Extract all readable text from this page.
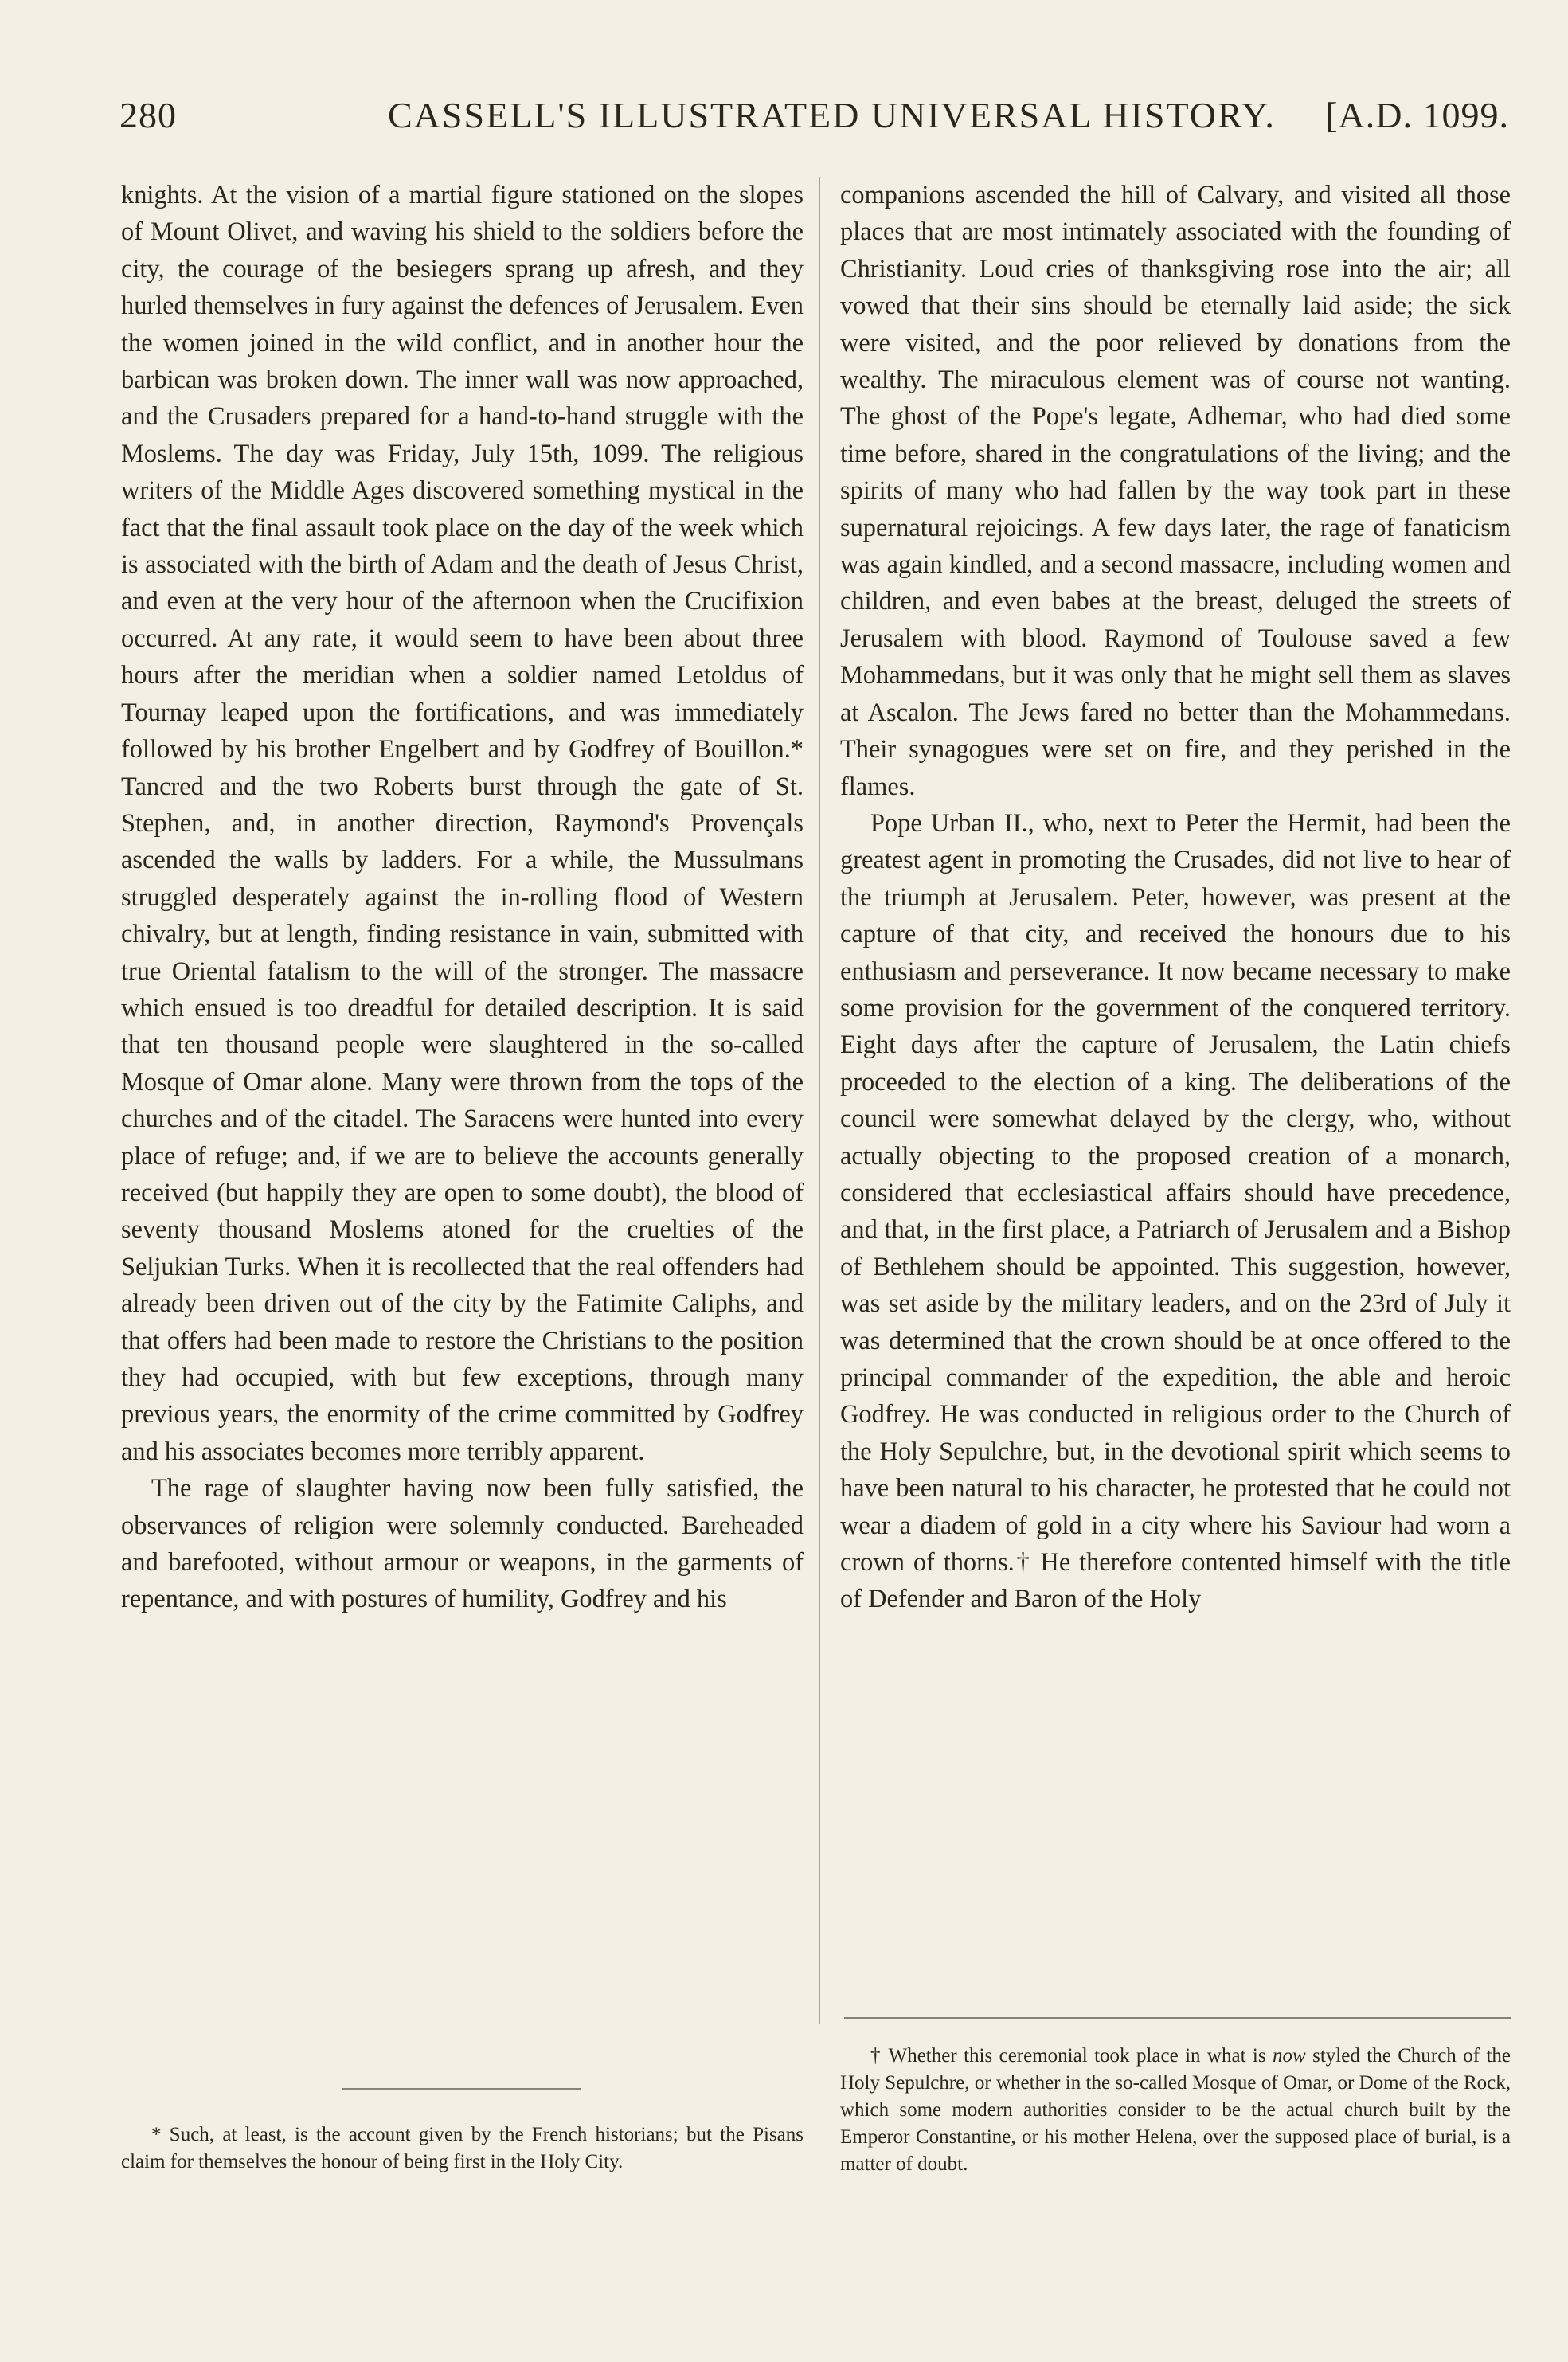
280	CASSELL'S ILLUSTRATED UNIVERSAL HISTORY. [A.D. 1099.

knights. At the vision of a martial figure stationed on the slopes of Mount Olivet, and waving his shield to the soldiers before the city, the courage of the besiegers sprang up afresh, and they hurled themselves in fury against the defences of Jerusalem. Even the women joined in the wild conflict, and in another hour the barbican was broken down. The inner wall was now approached, and the Crusaders prepared for a hand-to-hand struggle with the Moslems. The day was Friday, July 15th, 1099. The religious writers of the Middle Ages discovered something mystical in the fact that the final assault took place on the day of the week which is associated with the birth of Adam and the death of Jesus Christ, and even at the very hour of the afternoon when the Crucifixion occurred. At any rate, it would seem to have been about three hours after the meridian when a soldier named Letoldus of Tournay leaped upon the fortifications, and was immediately followed by his brother Engelbert and by Godfrey of Bouillon.* Tancred and the two Roberts burst through the gate of St. Stephen, and, in another direction, Raymond's Provençals ascended the walls by ladders. For a while, the Mussulmans struggled desperately against the in-rolling flood of Western chivalry, but at length, finding resistance in vain, submitted with true Oriental fatalism to the will of the stronger. The massacre which ensued is too dreadful for detailed description. It is said that ten thousand people were slaughtered in the so-called Mosque of Omar alone. Many were thrown from the tops of the churches and of the citadel. The Saracens were hunted into every place of refuge; and, if we are to believe the accounts generally received (but happily they are open to some doubt), the blood of seventy thousand Moslems atoned for the cruelties of the Seljukian Turks. When it is recollected that the real offenders had already been driven out of the city by the Fatimite Caliphs, and that offers had been made to restore the Christians to the position they had occupied, with but few exceptions, through many previous years, the enormity of the crime committed by Godfrey and his associates becomes more terribly apparent.

The rage of slaughter having now been fully satisfied, the observances of religion were solemnly conducted. Bareheaded and barefooted, without armour or weapons, in the garments of repentance, and with postures of humility, Godfrey and his

companions ascended the hill of Calvary, and visited all those places that are most intimately associated with the founding of Christianity. Loud cries of thanksgiving rose into the air; all vowed that their sins should be eternally laid aside; the sick were visited, and the poor relieved by donations from the wealthy. The miraculous element was of course not wanting. The ghost of the Pope's legate, Adhemar, who had died some time before, shared in the congratulations of the living; and the spirits of many who had fallen by the way took part in these supernatural rejoicings. A few days later, the rage of fanaticism was again kindled, and a second massacre, including women and children, and even babes at the breast, deluged the streets of Jerusalem with blood. Raymond of Toulouse saved a few Mohammedans, but it was only that he might sell them as slaves at Ascalon. The Jews fared no better than the Mohammedans. Their synagogues were set on fire, and they perished in the flames.

Pope Urban II., who, next to Peter the Hermit, had been the greatest agent in promoting the Crusades, did not live to hear of the triumph at Jerusalem. Peter, however, was present at the capture of that city, and received the honours due to his enthusiasm and perseverance. It now became necessary to make some provision for the government of the conquered territory. Eight days after the capture of Jerusalem, the Latin chiefs proceeded to the election of a king. The deliberations of the council were somewhat delayed by the clergy, who, without actually objecting to the proposed creation of a monarch, considered that ecclesiastical affairs should have precedence, and that, in the first place, a Patriarch of Jerusalem and a Bishop of Bethlehem should be appointed. This suggestion, however, was set aside by the military leaders, and on the 23rd of July it was determined that the crown should be at once offered to the principal commander of the expedition, the able and heroic Godfrey. He was conducted in religious order to the Church of the Holy Sepulchre, but, in the devotional spirit which seems to have been natural to his character, he protested that he could not wear a diadem of gold in a city where his Saviour had worn a crown of thorns.† He therefore contented himself with the title of Defender and Baron of the Holy

* Such, at least, is the account given by the French historians; but the Pisans claim for themselves the honour of being first in the Holy City.
† Whether this ceremonial took place in what is now styled the Church of the Holy Sepulchre, or whether in the so-called Mosque of Omar, or Dome of the Rock, which some modern authorities consider to be the actual church built by the Emperor Constantine, or his mother Helena, over the supposed place of burial, is a matter of doubt.
